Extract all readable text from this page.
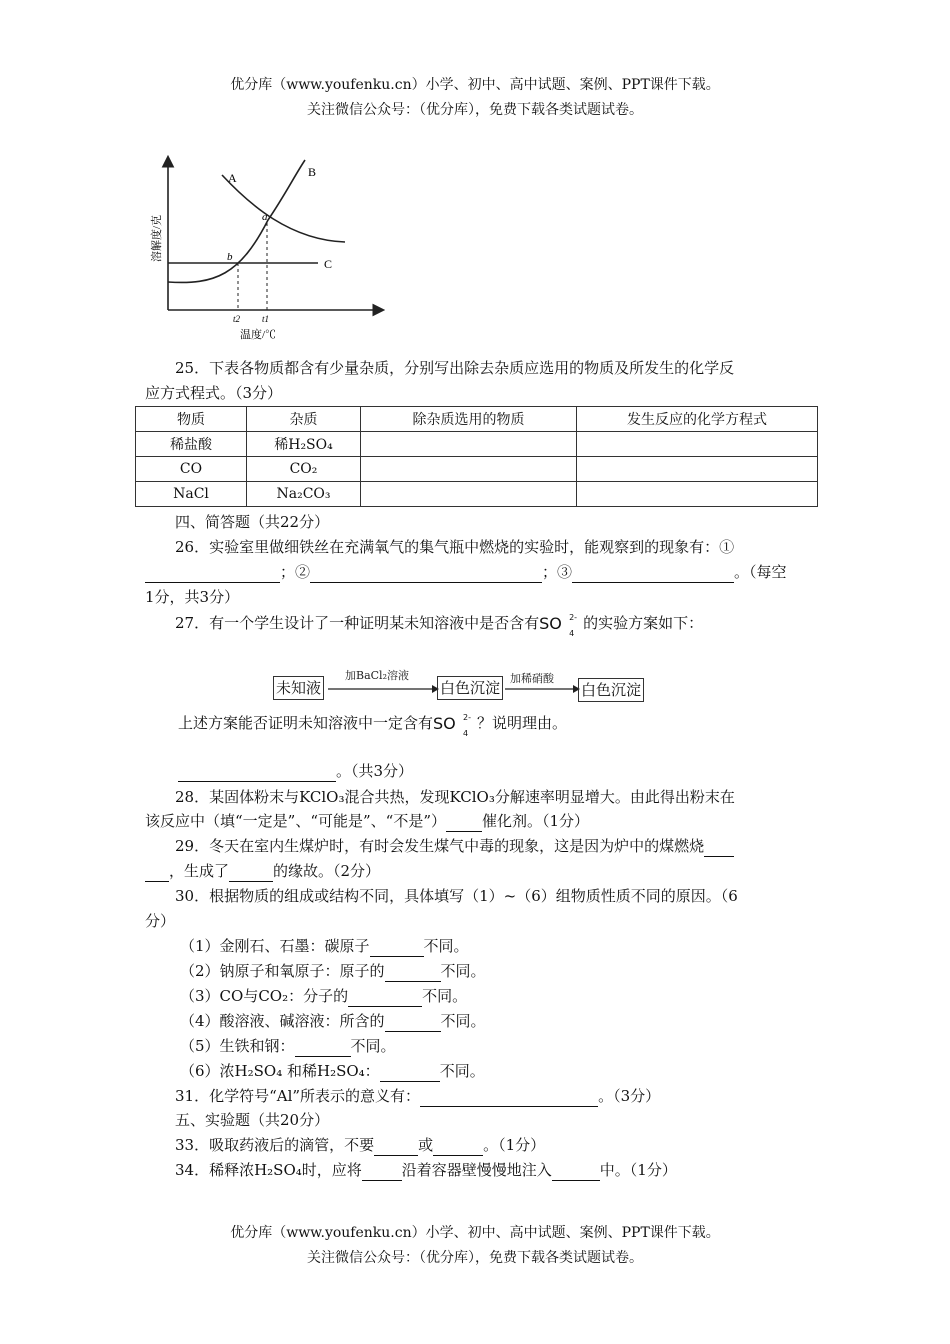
优分库（www.youfenku.cn）小学、初中、高中试题、案例、PPT课件下载。
关注微信公众号：（优分库），免费下载各类试题试卷。
A	B
C
a
b
t2 t1
温度/℃
溶解度/克
25．下表各物质都含有少量杂质，分别写出除去杂质应选用的物质及所发生的化学反
应方式程式。（3分）
物质	杂质	除杂质选用的物质	发生反应的化学方程式
稀盐酸	稀H₂SO₄		
CO	CO₂		
NaCl	Na₂CO₃		
四、简答题（共22分）
26．实验室里做细铁丝在充满氧气的集气瓶中燃烧的实验时，能观察到的现象有：①
；②	；③	。（每空
1分，共3分）
27．有一个学生设计了一种证明某未知溶液中是否含有SO 2-
4
的实验方案如下：
未知液
加BaCl₂溶液
白色沉淀
加稀硝酸
白色沉淀
上述方案能否证明未知溶液中一定含有SO 2-
4
？说明理由。
。（共3分）
28．某固体粉末与KClO₃混合共热，发现KClO₃分解速率明显增大。由此得出粉末在
该反应中（填“一定是”、“可能是”、“不是”） 催化剂。（1分）
29．冬天在室内生煤炉时，有时会发生煤气中毒的现象，这是因为炉中的煤燃烧
，生成了	的缘故。（2分）
30．根据物质的组成或结构不同，具体填写（1）~（6）组物质性质不同的原因。（6
分）
（1）金刚石、石墨：碳原子	不同。
（2）钠原子和氧原子：原子的	不同。
（3）CO与CO₂：分子的	不同。
（4）酸溶液、碱溶液：所含的	不同。
（5）生铁和钢：	不同。
（6）浓H₂SO₄ 和稀H₂SO₄：	不同。
31．化学符号“Al”所表示的意义有：	。（3分）
五、实验题（共20分）
33．吸取药液后的滴管，不要	或	。（1分）
34．稀释浓H₂SO₄时，应将	沿着容器壁慢慢地注入	中。（1分）
优分库（www.youfenku.cn）小学、初中、高中试题、案例、PPT课件下载。
关注微信公众号：（优分库），免费下载各类试题试卷。
